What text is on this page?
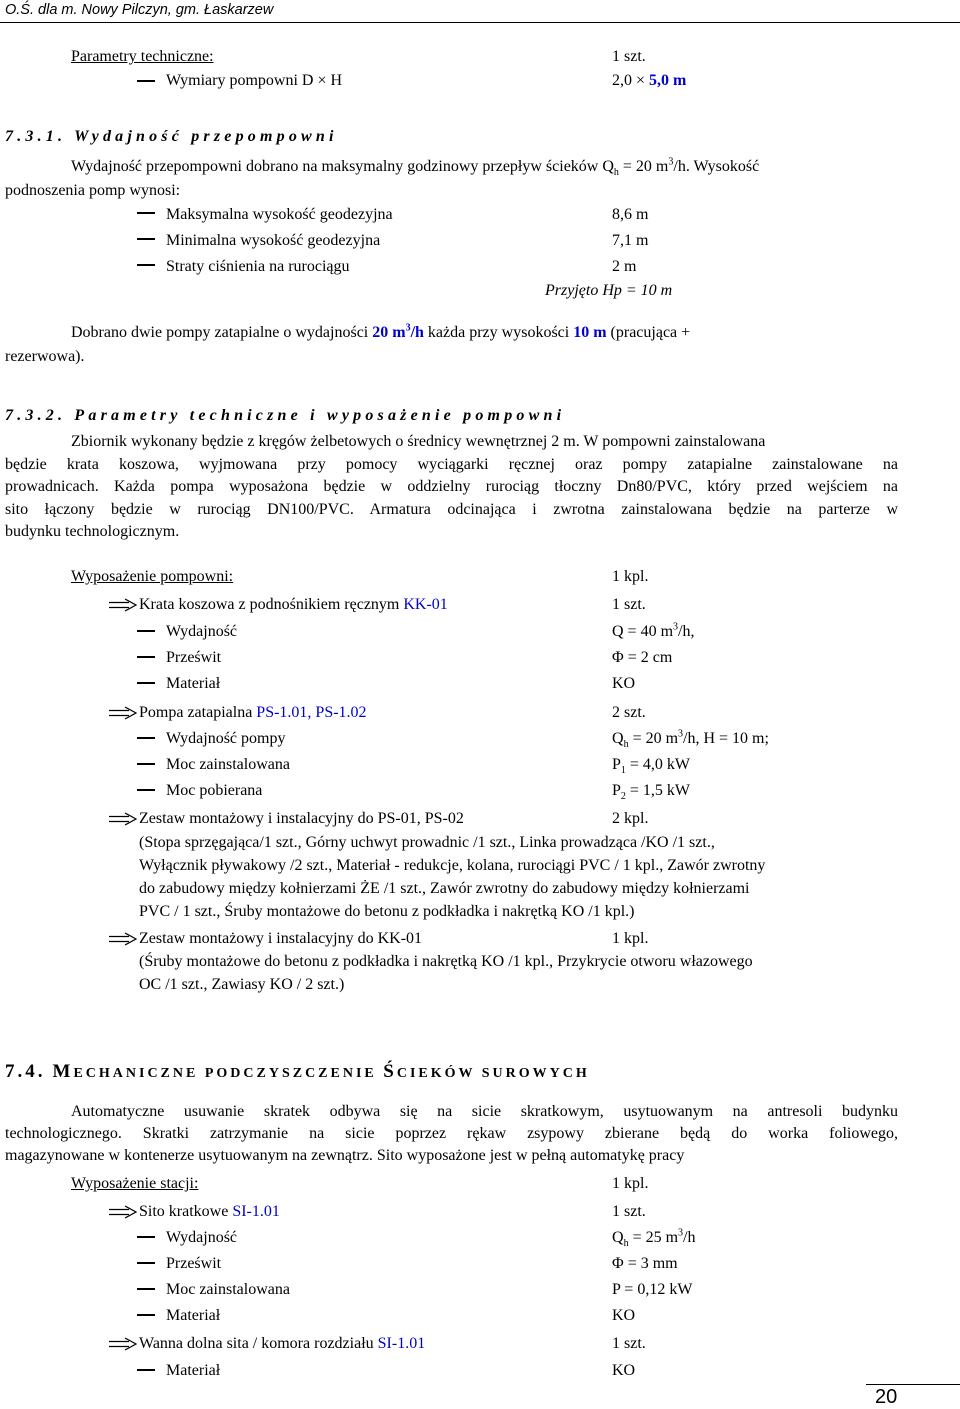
O.Ś. dla m. Nowy Pilczyn, gm. Łaskarzew
Parametry techniczne:	1 szt.
Wymiary pompowni D × H	2,0 × 5,0 m
7.3.1. Wydajność przepompowni
Wydajność przepompowni dobrano na maksymalny godzinowy przepływ ścieków $Q_h = 20$ $m^3/h$. Wysokość
podnoszenia pomp wynosi:
Maksymalna wysokość geodezyjna	8,6 m
Minimalna wysokość geodezyjna	7,1 m
Straty ciśnienia na rurociągu	2 m
Przyjęto Hp = 10 m
Dobrano dwie pompy zatapialne o wydajności 20 $m^3/h$ każda przy wysokości 10 m (pracująca +
rezerwowa).
7.3.2. Parametry techniczne i wyposażenie pompowni
Zbiornik wykonany będzie z kręgów żelbetowych o średnicy wewnętrznej 2 m. W pompowni zainstalowana
będzie krata koszowa, wyjmowana przy pomocy wyciągarki ręcznej oraz pompy zatapialne zainstalowane na
prowadnicach. Każda pompa wyposażona będzie w oddzielny rurociąg tłoczny Dn80/PVC, który przed wejściem na
sito łączony będzie w rurociąg DN100/PVC. Armatura odcinająca i zwrotna zainstalowana będzie na parterze w
budynku technologicznym.
Wyposażenie pompowni:	1 kpl.
Krata koszowa z podnośnikiem ręcznym KK-01	1 szt.
Wydajność	Q = 40 $m^3/h$,
Prześwit	Φ = 2 cm
Materiał	KO
Pompa zatapialna PS-1.01, PS-1.02	2 szt.
Wydajność pompy	$Q_h = 20$ $m^3/h$, H = 10 m;
Moc zainstalowana	$P_1 = 4,0$ kW
Moc pobierana	$P_2 = 1,5$ kW
Zestaw montażowy i instalacyjny do PS-01, PS-02	2 kpl.
(Stopa sprzęgająca/1 szt., Górny uchwyt prowadnic /1 szt., Linka prowadząca /KO /1 szt.,
Wyłącznik pływakowy /2 szt., Materiał - redukcje, kolana, rurociągi PVC / 1 kpl., Zawór zwrotny
do zabudowy między kołnierzami ŻE /1 szt., Zawór zwrotny do zabudowy między kołnierzami
PVC / 1 szt., Śruby montażowe do betonu z podkładka i nakrętką KO /1 kpl.)
Zestaw montażowy i instalacyjny do KK-01	1 kpl.
(Śruby montażowe do betonu z podkładka i nakrętką KO /1 kpl., Przykrycie otworu włazowego
OC /1 szt., Zawiasy KO / 2 szt.)
7.4. MECHANICZNE PODCZYSZCZENIE ŚCIEKÓW SUROWYCH
Automatyczne usuwanie skratek odbywa się na sicie skratkowym, usytuowanym na antresoli budynku
technologicznego. Skratki zatrzymanie na sicie poprzez rękaw zsypowy zbierane będą do worka foliowego,
magazynowane w kontenerze usytuowanym na zewnątrz. Sito wyposażone jest w pełną automatykę pracy
Wyposażenie stacji:	1 kpl.
Sito kratkowe SI-1.01	1 szt.
Wydajność	$Q_h = 25$ $m^3/h$
Prześwit	Φ = 3 mm
Moc zainstalowana	P = 0,12 kW
Materiał	KO
Wanna dolna sita / komora rozdziału SI-1.01	1 szt.
Materiał	KO
20
